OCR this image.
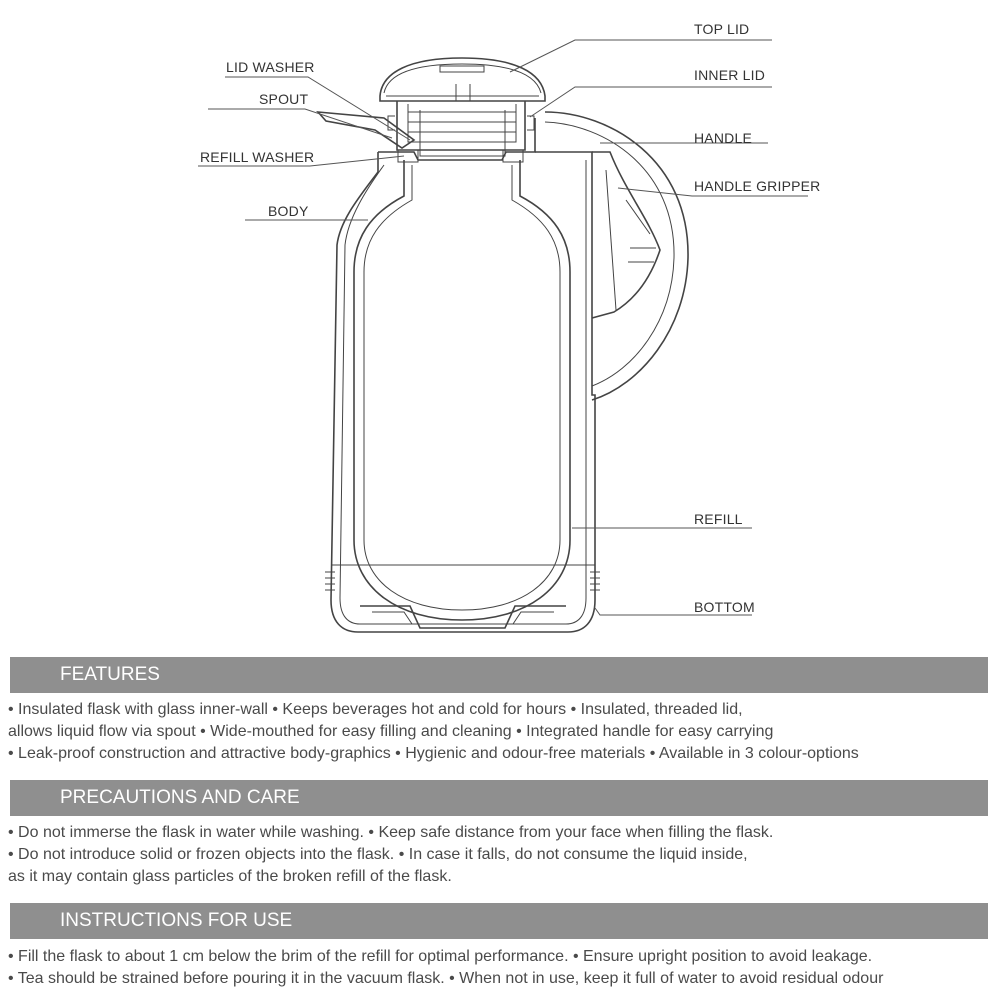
TOP LID
LID WASHER	INNER LID
SPOUT
HANDLE
REFILL WASHER
HANDLE GRIPPER
BODY
REFILL
BOTTOM
FEATURES
• Insulated flask with glass inner-wall • Keeps beverages hot and cold for hours • Insulated, threaded lid,
allows liquid flow via spout • Wide-mouthed for easy filling and cleaning • Integrated handle for easy carrying
• Leak-proof construction and attractive body-graphics • Hygienic and odour-free materials • Available in 3 colour-options
PRECAUTIONS AND CARE
• Do not immerse the flask in water while washing. • Keep safe distance from your face when filling the flask.
• Do not introduce solid or frozen objects into the flask. • In case it falls, do not consume the liquid inside,
as it may contain glass particles of the broken refill of the flask.
INSTRUCTIONS FOR USE
• Fill the flask to about 1 cm below the brim of the refill for optimal performance. • Ensure upright position to avoid leakage.
• Tea should be strained before pouring it in the vacuum flask. • When not in use, keep it full of water to avoid residual odour
